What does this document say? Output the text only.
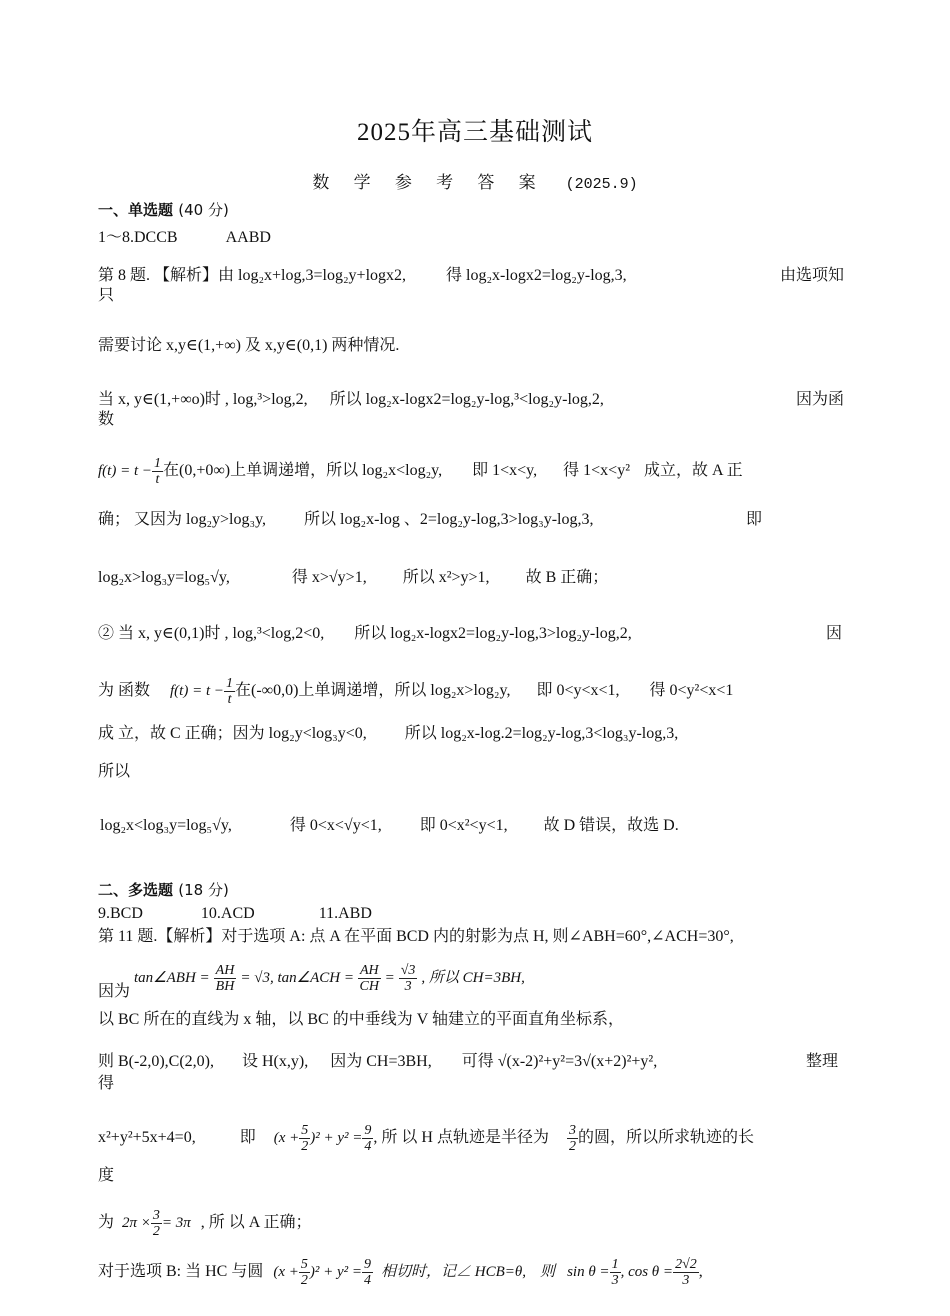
2025年高三基础测试
数 学 参 考 答 案 (2025.9)
一、单选题 (40 分)
1～8.DCCB	AABD
第 8 题. 【解析】由 log₂x+log,3=log₂y+logx2,	得 log₂x-logx2=log₂y-log,3,	由选项知
只
需要讨论 x,y∈(1,+∞) 及 x,y∈(0,1) 两种情况.
当 x, y∈(1,+∞o)时 , log,³>log,2, 所以 log₂x-logx2=log₂y-log,³<log₂y-log,2,	因为函
数
$f(t) = t - \frac{1}{t}$ 在(0,+0∞)上单调递增，所以 log₂x<log₂y, 即 1<x<y, 得 1<x<y² 成立，故 A 正
确； 又因为 log₂y>log₃y, 所以 log₂x-log 、2=log₂y-log,3>log₃y-log,3,	即
log₂x>log₃y=log₅√y,	得 x>√y>1, 所以 x²>y>1, 故 B 正确；
② 当 x, y∈(0,1)时 , log,³<log,2<0, 所以 log₂x-logx2=log₂y-log,3>log₂y-log,2,	因
为 函数 $f(t) = t - \frac{1}{t}$ 在(-∞0,0)上单调递增，所以 log₂x>log₂y, 即 0<y<x<1, 得 0<y²<x<1
成 立，故 C 正确；因为 log₂y<log₃y<0, 所以 log₂x-log.2=log₂y-log,3<log₃y-log,3,
所以
log₂x<log₃y=log₅√y,	得 0<x<√y<1, 即 0<x²<y<1, 故 D 错误，故选 D.
二、多选题 (18 分)
9.BCD	10.ACD	11.ABD
第 11 题.【解析】对于选项 A: 点 A 在平面 BCD 内的射影为点 H, 则∠ABH=60°,∠ACH=30°,
因为 tan∠ABH = $\frac{AH}{BH} = √3$, tan∠ACH = $\frac{AH}{CH} = \frac{√3}{3}$ , 所以 CH=3BH,
以 BC 所在的直线为 x 轴，以 BC 的中垂线为 V 轴建立的平面直角坐标系，
则 B(-2,0),C(2,0), 设 H(x,y), 因为 CH=3BH, 可得 √(x-2)²+y²=3√(x+2)²+y²,	整理
得
x²+y²+5x+4=0,	即 $(x + \frac{5}{2} )^2 + y^2 = \frac{9}{4}$ , 所 以 H 点轨迹是半径为 $\frac{3}{2}$ 的圆，所以所求轨迹的长
度
为 $2\pi \times \frac{3}{2} = 3\pi$ , 所 以 A 正确；
对于选项 B: 当 HC 与圆 $(x + \frac{5}{2} )^2 + y^2 = \frac{9}{4}$ 相切时，记∠ HCB=θ, 则 $\sin \theta = \frac{1}{3}$ , $\cos \theta = \frac{2√2}{3}$ ,
